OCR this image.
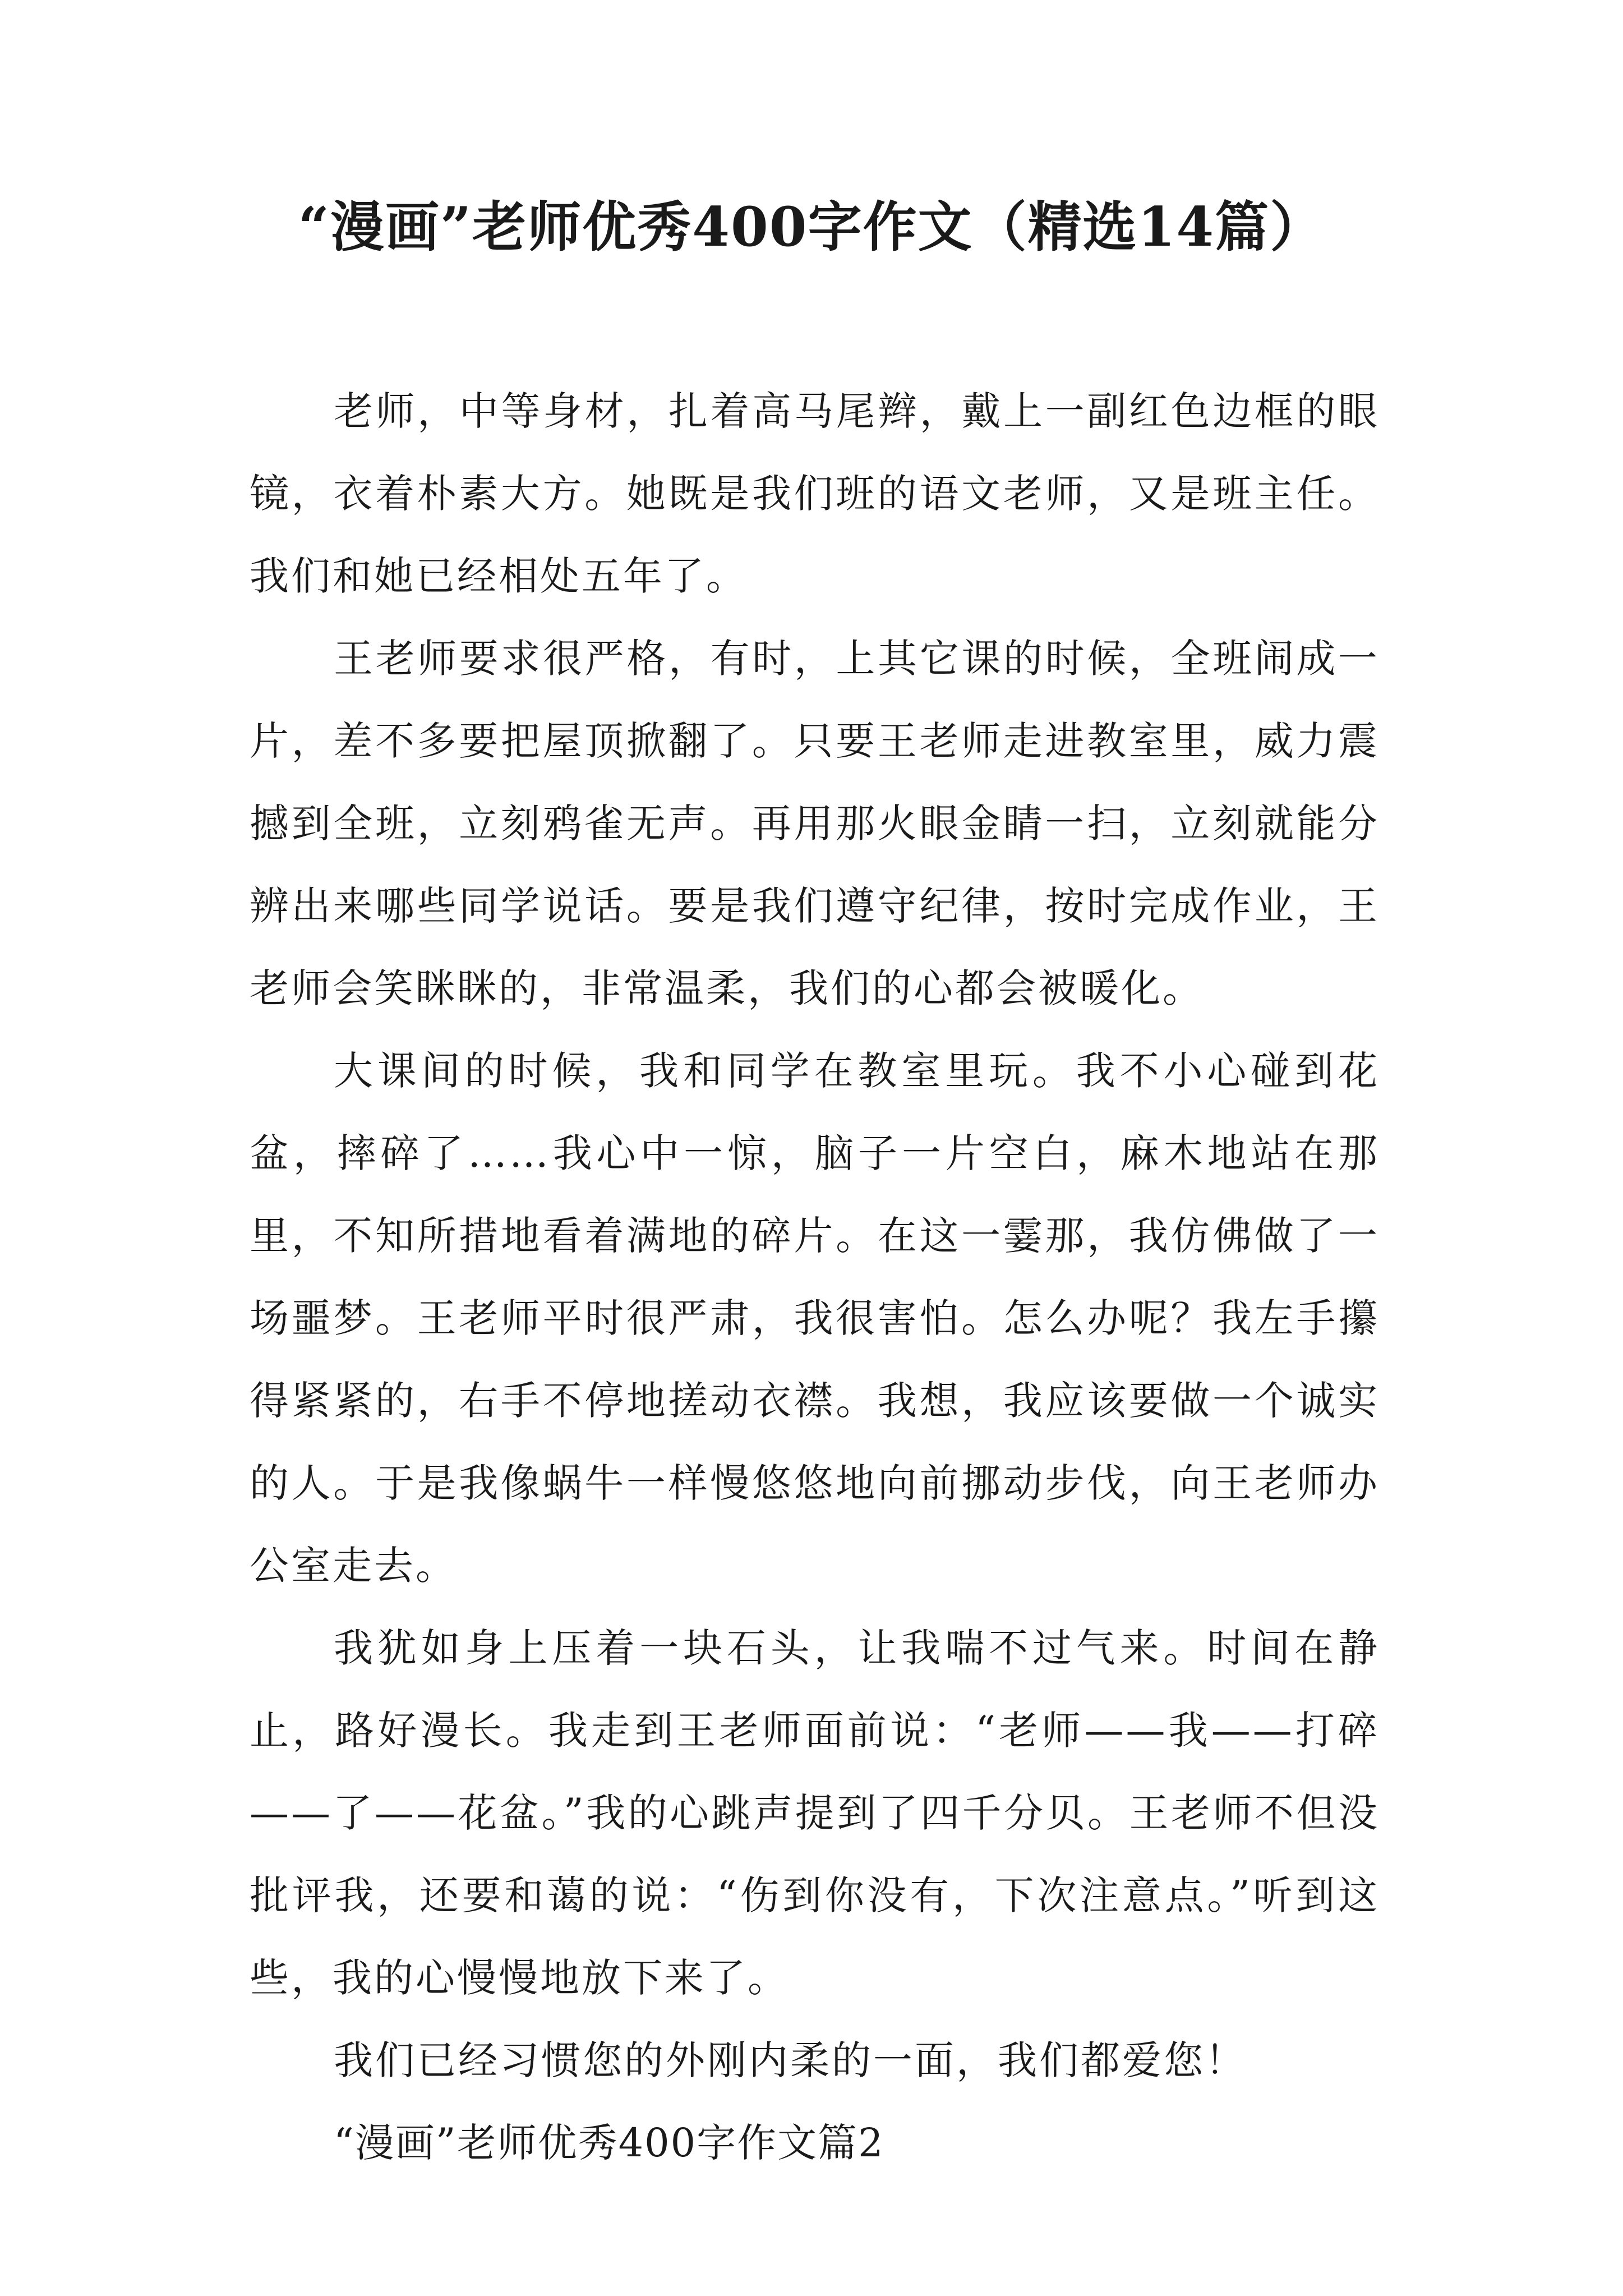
“漫画”老师优秀400字作文（精选14篇）

老师，中等身材，扎着高马尾辫，戴上一副红色边框的眼镜，衣着朴素大方。她既是我们班的语文老师，又是班主任。我们和她已经相处五年了。

王老师要求很严格，有时，上其它课的时候，全班闹成一片，差不多要把屋顶掀翻了。只要王老师走进教室里，威力震撼到全班，立刻鸦雀无声。再用那火眼金睛一扫，立刻就能分辨出来哪些同学说话。要是我们遵守纪律，按时完成作业，王老师会笑眯眯的，非常温柔，我们的心都会被暖化。

大课间的时候，我和同学在教室里玩。我不小心碰到花盆，摔碎了……我心中一惊，脑子一片空白，麻木地站在那里，不知所措地看着满地的碎片。在这一霎那，我仿佛做了一场噩梦。王老师平时很严肃，我很害怕。怎么办呢？我左手攥得紧紧的，右手不停地搓动衣襟。我想，我应该要做一个诚实的人。于是我像蜗牛一样慢悠悠地向前挪动步伐，向王老师办公室走去。

我犹如身上压着一块石头，让我喘不过气来。时间在静止，路好漫长。我走到王老师面前说：“老师——我——打碎——了——花盆。”我的心跳声提到了四千分贝。王老师不但没批评我，还要和蔼的说：“伤到你没有，下次注意点。”听到这些，我的心慢慢地放下来了。

我们已经习惯您的外刚内柔的一面，我们都爱您！

“漫画”老师优秀400字作文篇2
